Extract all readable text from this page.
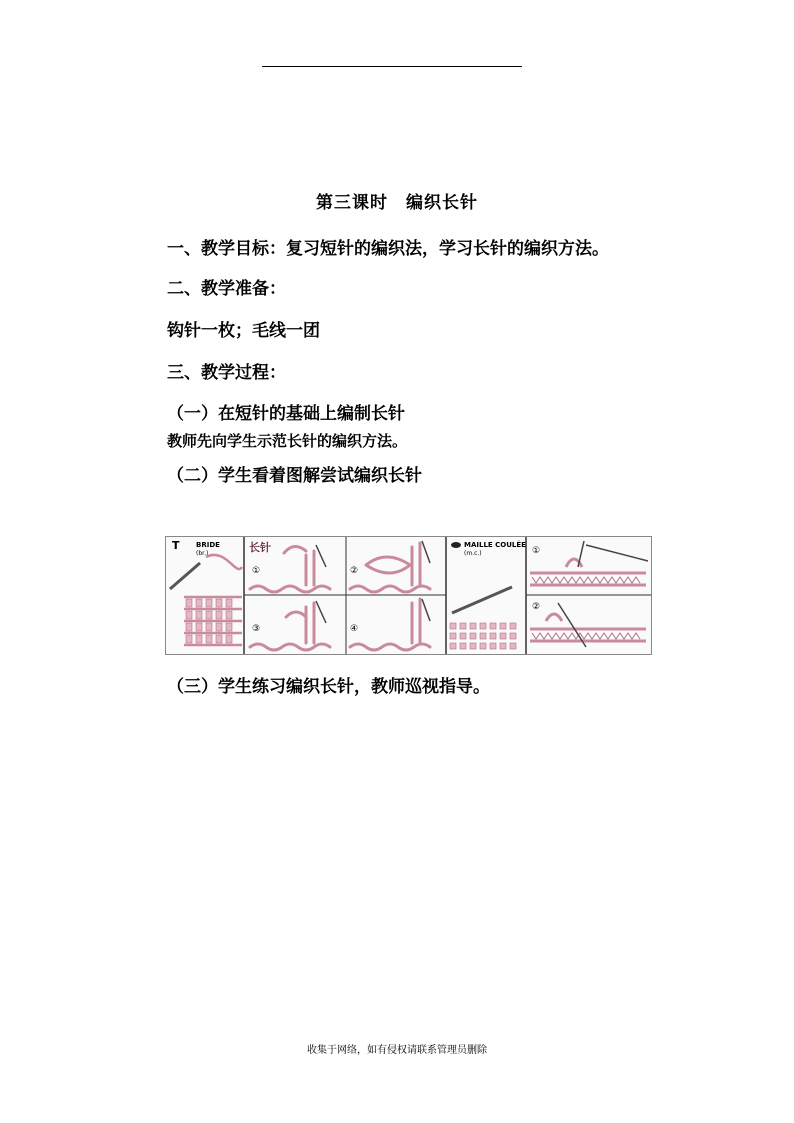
第三课时　编织长针
一、教学目标：复习短针的编织法，学习长针的编织方法。
二、教学准备：
钩针一枚；毛线一团
三、教学过程：
（一）在短针的基础上编制长针
教师先向学生示范长针的编织方法。
（二）学生看着图解尝试编织长针
T BRIDE
(br.)	长针
①	②
③	④
MAILLE COULÉE
(m.c.)	①
②
（三）学生练习编织长针，教师巡视指导。
收集于网络，如有侵权请联系管理员删除
